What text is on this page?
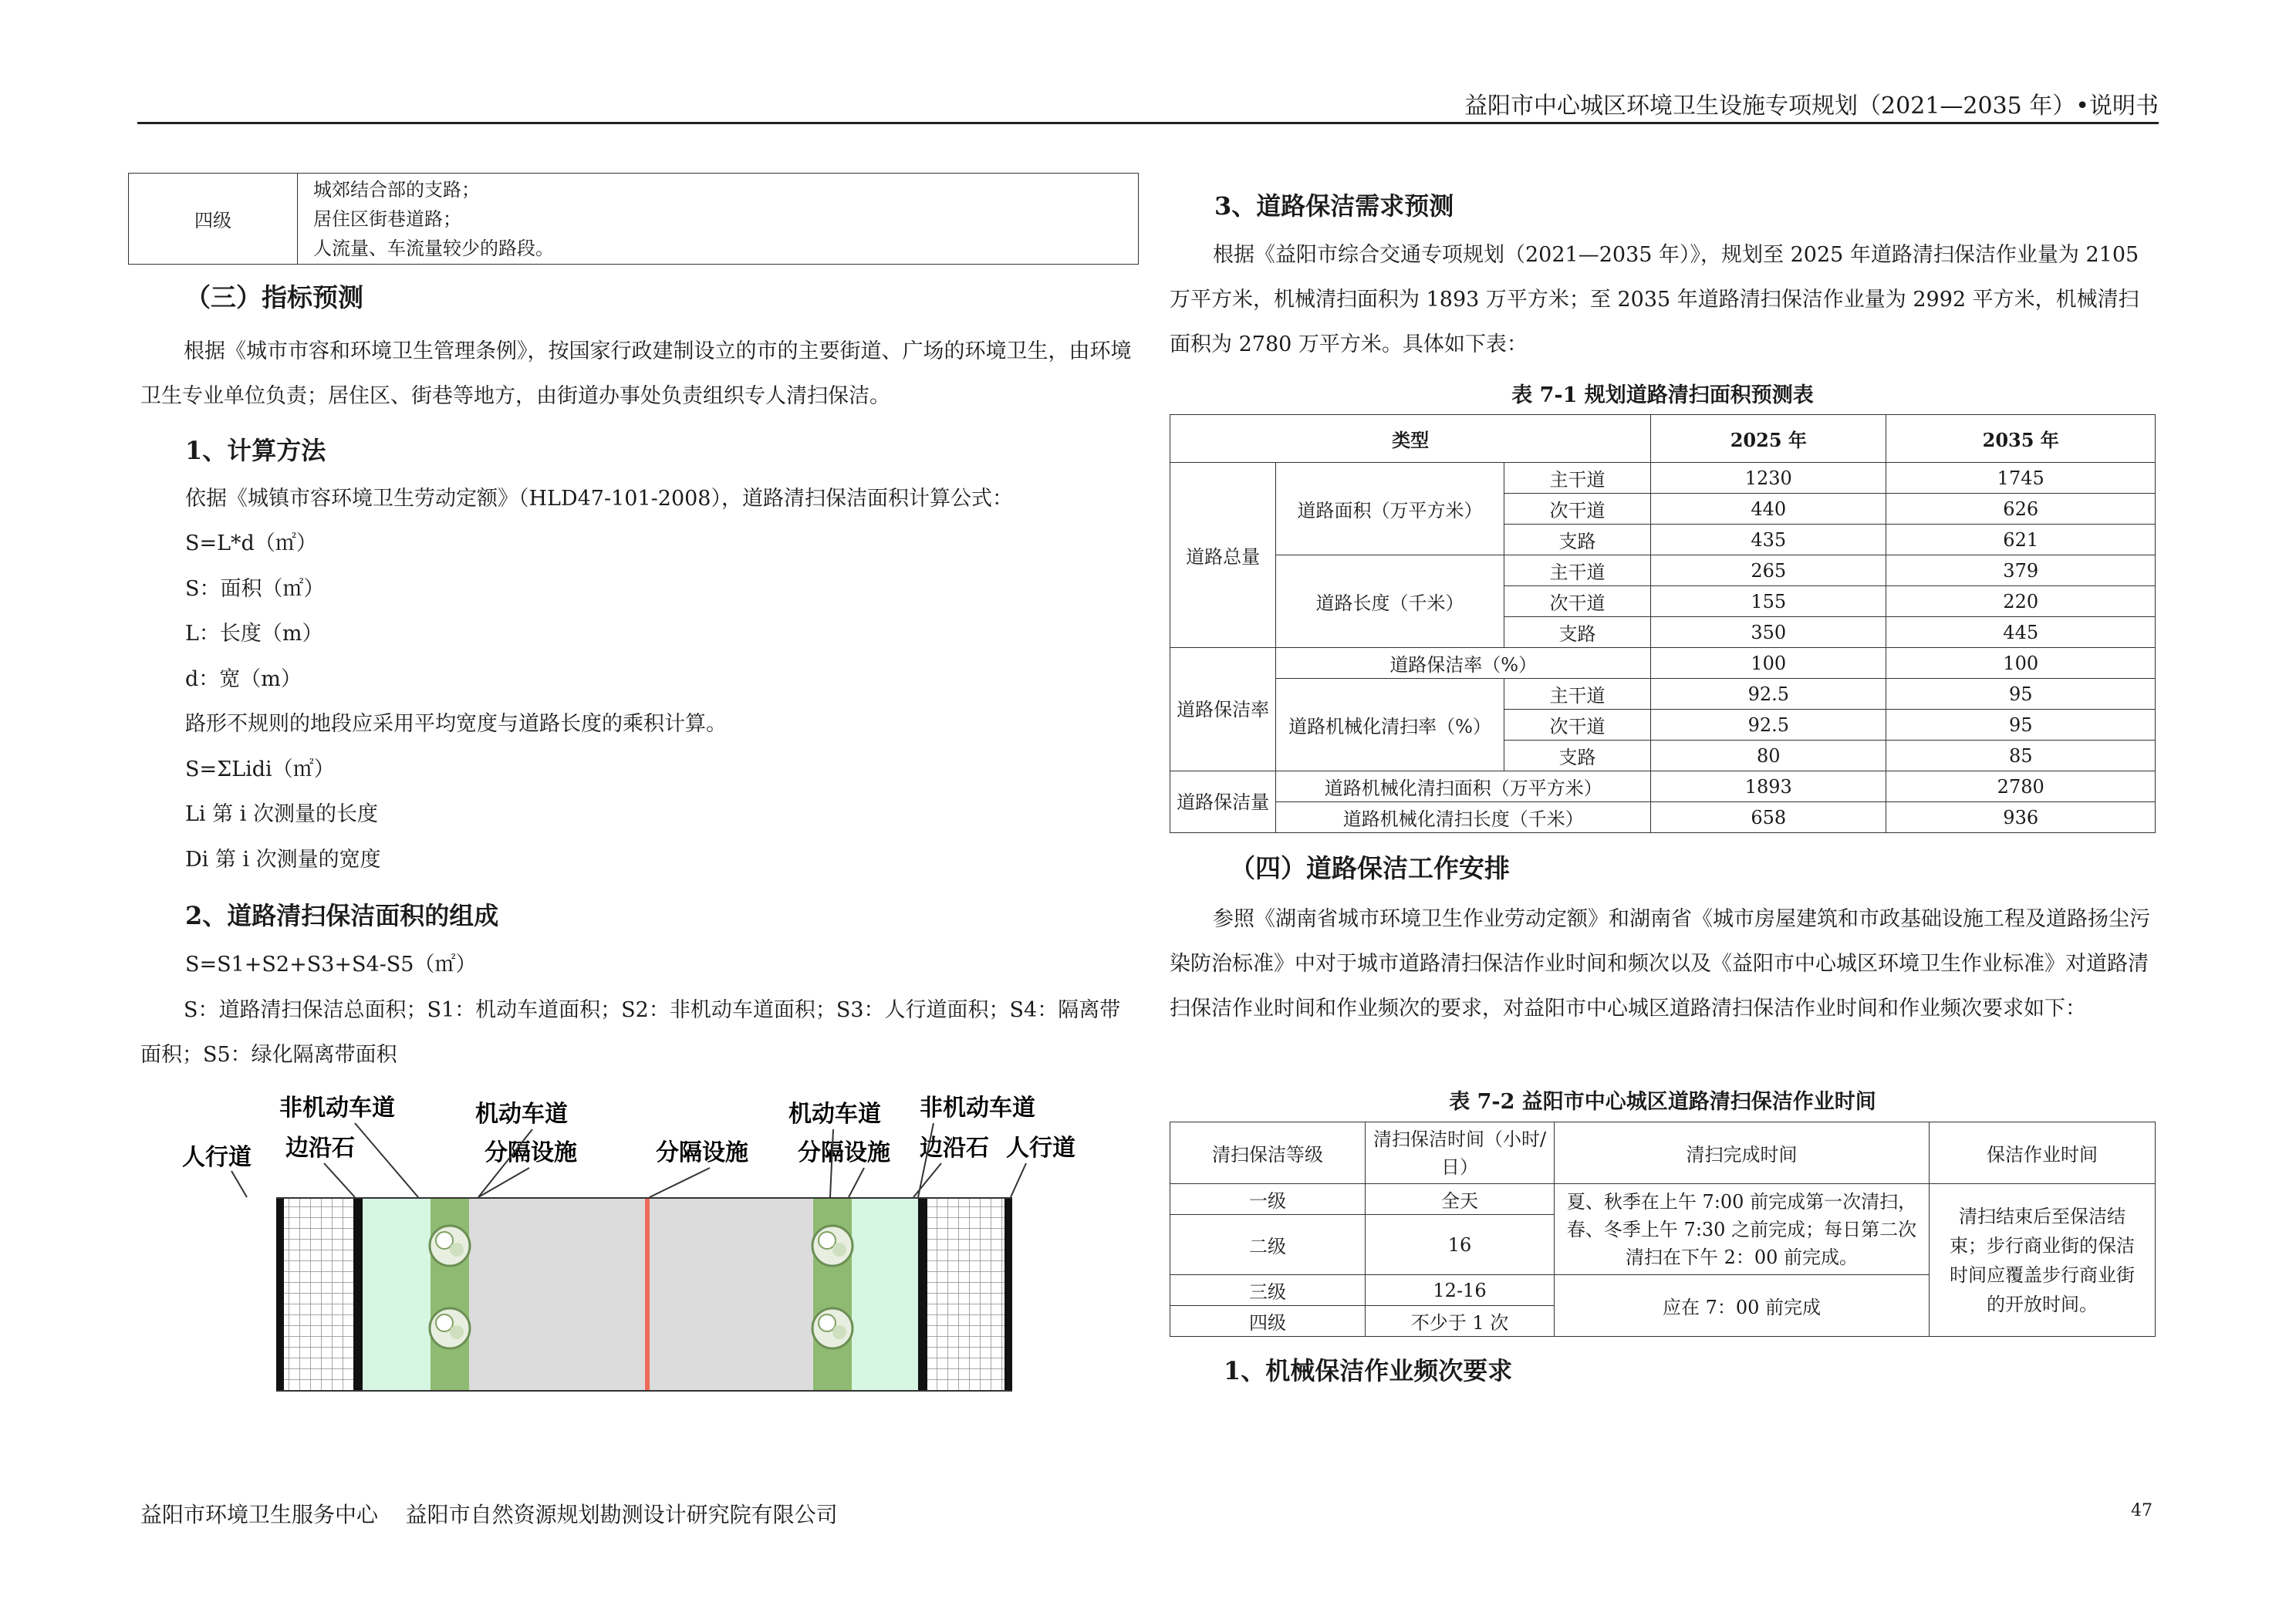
益阳市中心城区环境卫生设施专项规划（2021—2035 年）•说明书
四级	
城郊结合部的支路；
居住区街巷道路；
人流量、车流量较少的路段。
（三）指标预测
根据《城市市容和环境卫生管理条例》，按国家行政建制设立的市的主要街道、广场的环境卫生，由环境卫生专业单位负责；居住区、街巷等地方，由街道办事处负责组织专人清扫保洁。
1、计算方法
依据《城镇市容环境卫生劳动定额》（HLD47-101-2008），道路清扫保洁面积计算公式：
S=L*d（㎡）
S：面积（㎡）
L：长度（m）
d：宽（m）
路形不规则的地段应采用平均宽度与道路长度的乘积计算。
S=ΣLidi（㎡）
Li 第 i 次测量的长度
Di 第 i 次测量的宽度
2、道路清扫保洁面积的组成
S=S1+S2+S3+S4-S5（㎡）
S：道路清扫保洁总面积；S1：机动车道面积；S2：非机动车道面积；S3：人行道面积；S4：隔离带面积；S5：绿化隔离带面积
非机动车道
边沿石
人行道
机动车道
分隔设施	分隔设施
机动车道
分隔设施
非机动车道
边沿石 人行道
3、道路保洁需求预测
根据《益阳市综合交通专项规划（2021—2035 年）》，规划至 2025 年道路清扫保洁作业量为 2105 万平方米，机械清扫面积为 1893 万平方米；至 2035 年道路清扫保洁作业量为 2992 平方米，机械清扫面积为 2780 万平方米。具体如下表：
表 7-1 规划道路清扫面积预测表
类型			2025 年	2035 年
道路总量	道路面积（万平方米）	主干道	1230	1745
		次干道	440	626
		支路	435	621
	道路长度（千米）	主干道	265	379
		次干道	155	220
		支路	350	445
道路保洁率	道路保洁率（%）		100	100
	道路机械化清扫率（%）	主干道	92.5	95
		次干道	92.5	95
		支路	80	85
道路保洁量	道路机械化清扫面积（万平方米）		1893	2780
	道路机械化清扫长度（千米）		658	936
（四）道路保洁工作安排
参照《湖南省城市环境卫生作业劳动定额》和湖南省《城市房屋建筑和市政基础设施工程及道路扬尘污染防治标准》中对于城市道路清扫保洁作业时间和频次以及《益阳市中心城区环境卫生作业标准》对道路清扫保洁作业时间和作业频次的要求，对益阳市中心城区道路清扫保洁作业时间和作业频次要求如下：
表 7-2 益阳市中心城区道路清扫保洁作业时间
清扫保洁等级	清扫保洁时间（小时/日）	清扫完成时间	保洁作业时间
一级	全天	夏、秋季在上午 7:00 前完成第一次清扫，春、冬季上午 7:30 之前完成；每日第二次清扫在下午 2：00 前完成。	清扫结束后至保洁结束；步行商业街的保洁时间应覆盖步行商业街的开放时间。
二级	16		
三级	12-16	应在 7：00 前完成	
四级	不少于 1 次		
1、机械保洁作业频次要求
益阳市环境卫生服务中心    益阳市自然资源规划勘测设计研究院有限公司	47
